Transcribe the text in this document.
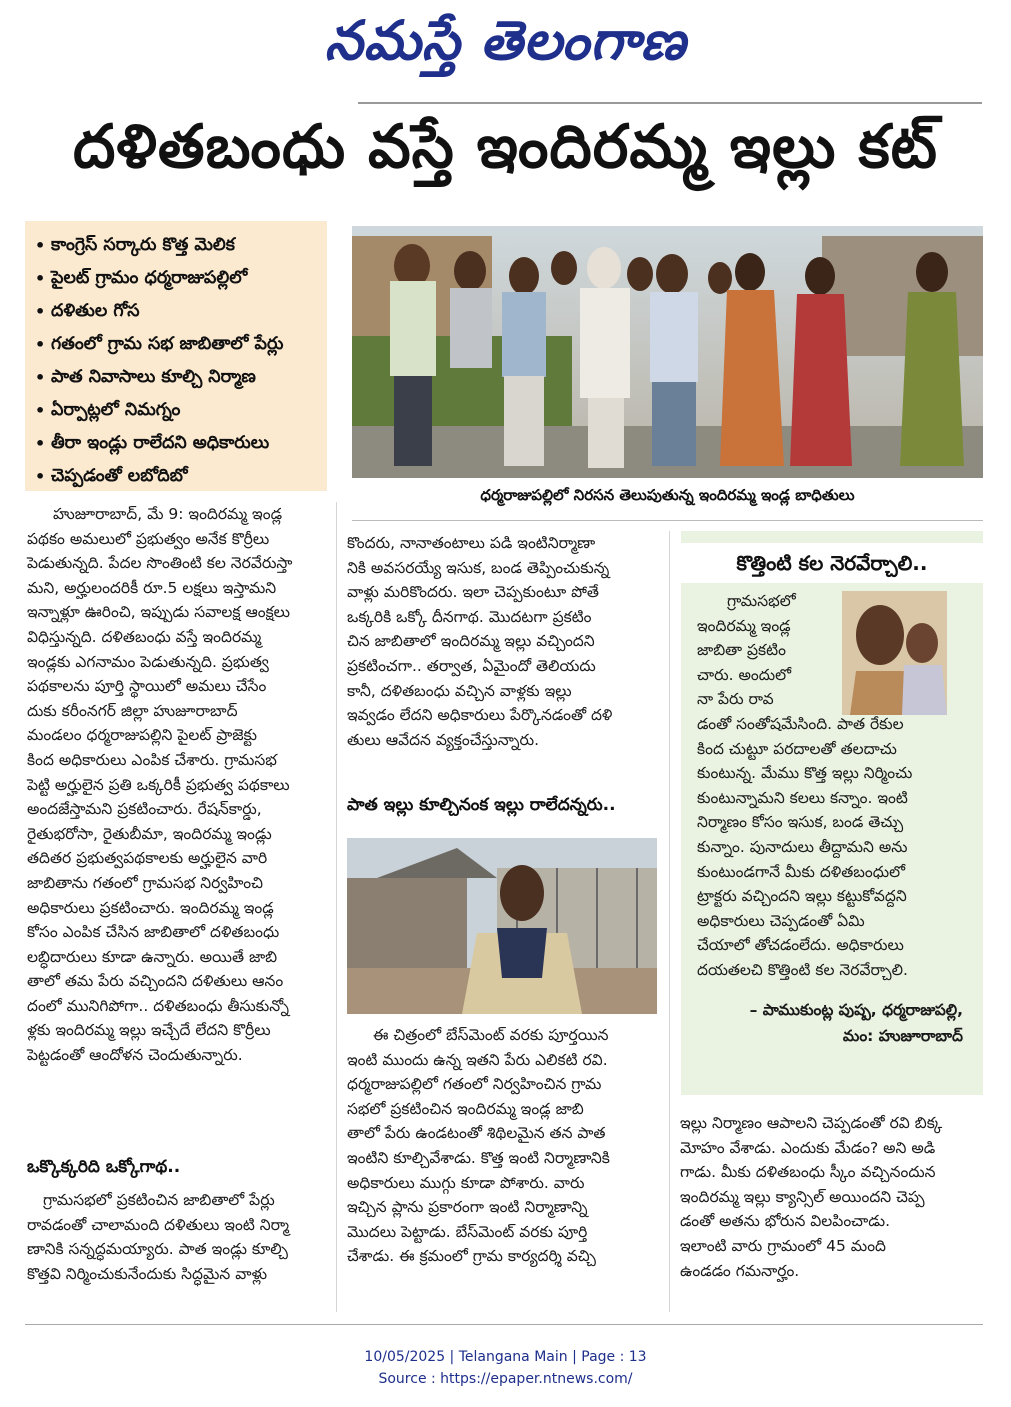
నమస్తే తెలంగాణ
దళితబంధు వస్తే ఇందిరమ్మ ఇల్లు కట్
• కాంగ్రెస్ సర్కారు కొత్త మెలిక
• పైలట్ గ్రామం ధర్మరాజుపల్లిలో
• దళితుల గోస
• గతంలో గ్రామ సభ జాబితాలో పేర్లు
• పాత నివాసాలు కూల్చి నిర్మాణ
• ఏర్పాట్లలో నిమగ్నం
• తీరా ఇండ్లు రాలేదని అధికారులు
• చెప్పడంతో లబోదిబో
ధర్మరాజుపల్లిలో నిరసన తెలుపుతున్న ఇందిరమ్మ ఇండ్ల బాధితులు

హుజూరాబాద్, మే 9: ఇందిరమ్మ ఇండ్ల

పథకం అమలులో ప్రభుత్వం అనేక కొర్రీలు

పెడుతున్నది. పేదల సొంతింటి కల నెరవేరుస్తా

మని, అర్హులందరికీ రూ.5 లక్షలు ఇస్తామని

ఇన్నాళ్లూ ఊరించి, ఇప్పుడు సవాలక్ష ఆంక్షలు

విధిస్తున్నది. దళితబంధు వస్తే ఇందిరమ్మ

ఇండ్లకు ఎగనామం పెడుతున్నది. ప్రభుత్వ

పథకాలను పూర్తి స్థాయిలో అమలు చేసేం

దుకు కరీంనగర్ జిల్లా హుజూరాబాద్

మండలం ధర్మరాజుపల్లిని పైలట్ ప్రాజెక్టు

కింద అధికారులు ఎంపిక చేశారు. గ్రామసభ

పెట్టి అర్హులైన ప్రతి ఒక్కరికీ ప్రభుత్వ పథకాలు

అందజేస్తామని ప్రకటించారు. రేషన్‌కార్డు,

రైతుభరోసా, రైతుబీమా, ఇందిరమ్మ ఇండ్లు

తదితర ప్రభుత్వపథకాలకు అర్హులైన వారి

జాబితాను గతంలో గ్రామసభ నిర్వహించి

అధికారులు ప్రకటించారు. ఇందిరమ్మ ఇండ్ల

కోసం ఎంపిక చేసిన జాబితాలో దళితబంధు

లబ్ధిదారులు కూడా ఉన్నారు. అయితే జాబి

తాలో తమ పేరు వచ్చిందని దళితులు ఆనం

దంలో మునిగిపోగా.. దళితబంధు తీసుకున్నో

ళ్లకు ఇందిరమ్మ ఇల్లు ఇచ్చేదే లేదని కొర్రీలు

పెట్టడంతో ఆందోళన చెందుతున్నారు.

ఒక్కొక్కరిది ఒక్కోగాథ..

గ్రామసభలో ప్రకటించిన జాబితాలో పేర్లు

రావడంతో చాలామంది దళితులు ఇంటి నిర్మా

ణానికి సన్నద్ధమయ్యారు. పాత ఇండ్లు కూల్చి

కొత్తవి నిర్మించుకునేందుకు సిద్ధమైన వాళ్లు

కొందరు, నానాతంటాలు పడి ఇంటినిర్మాణా

నికి అవసరయ్యే ఇసుక, బండ తెప్పించుకున్న

వాళ్లు మరికొందరు. ఇలా చెప్పకుంటూ పోతే

ఒక్కరికి ఒక్కో దీనగాథ. మొదటగా ప్రకటిం

చిన జాబితాలో ఇందిరమ్మ ఇల్లు వచ్చిందని

ప్రకటించగా.. తర్వాత, ఏమైందో తెలియదు

కానీ, దళితబంధు వచ్చిన వాళ్లకు ఇల్లు

ఇవ్వడం లేదని అధికారులు పేర్కొనడంతో దళి

తులు ఆవేదన వ్యక్తంచేస్తున్నారు.

పాత ఇల్లు కూల్చినంక ఇల్లు రాలేదన్నరు..

ఈ చిత్రంలో బేస్‌మెంట్ వరకు పూర్తయిన

ఇంటి ముందు ఉన్న ఇతని పేరు ఎలికటి రవి.

ధర్మరాజుపల్లిలో గతంలో నిర్వహించిన గ్రామ

సభలో ప్రకటించిన ఇందిరమ్మ ఇండ్ల జాబి

తాలో పేరు ఉండటంతో శిథిలమైన తన పాత

ఇంటిని కూల్చివేశాడు. కొత్త ఇంటి నిర్మాణానికి

అధికారులు ముగ్గు కూడా పోశారు. వారు

ఇచ్చిన ప్లాను ప్రకారంగా ఇంటి నిర్మాణాన్ని

మొదలు పెట్టాడు. బేస్‌మెంట్ వరకు పూర్తి

చేశాడు. ఈ క్రమంలో గ్రామ కార్యదర్శి వచ్చి

కొత్తింటి కల నెరవేర్చాలి..

గ్రామసభలో

ఇందిరమ్మ ఇండ్ల

జాబితా ప్రకటిం

చారు. అందులో

నా పేరు రావ

డంతో సంతోషమేసింది. పాత రేకుల

కింద చుట్టూ పరదాలతో తలదాచు

కుంటున్న. మేము కొత్త ఇల్లు నిర్మించు

కుంటున్నామని కలలు కన్నాం. ఇంటి

నిర్మాణం కోసం ఇసుక, బండ తెచ్చు

కున్నాం. పునాదులు తీద్దామని అను

కుంటుండగానే మీకు దళితబంధులో

ట్రాక్టరు వచ్చిందని ఇల్లు కట్టుకోవద్దని

అధికారులు చెప్పడంతో ఏమి

చేయాలో తోచడంలేదు. అధికారులు

దయతలచి కొత్తింటి కల నెరవేర్చాలి.

– పాముకుంట్ల పుష్ప, ధర్మరాజుపల్లి,
మం: హుజూరాబాద్

ఇల్లు నిర్మాణం ఆపాలని చెప్పడంతో రవి బిక్క

మోహం వేశాడు. ఎందుకు మేడం? అని అడి

గాడు. మీకు దళితబంధు స్కీం వచ్చినందున

ఇందిరమ్మ ఇల్లు క్యాన్సిల్ అయిందని చెప్ప

డంతో అతను భోరున విలపించాడు.

ఇలాంటి వారు గ్రామంలో 45 మంది

ఉండడం గమనార్హం.

10/05/2025 | Telangana Main | Page : 13
Source : https://epaper.ntnews.com/
